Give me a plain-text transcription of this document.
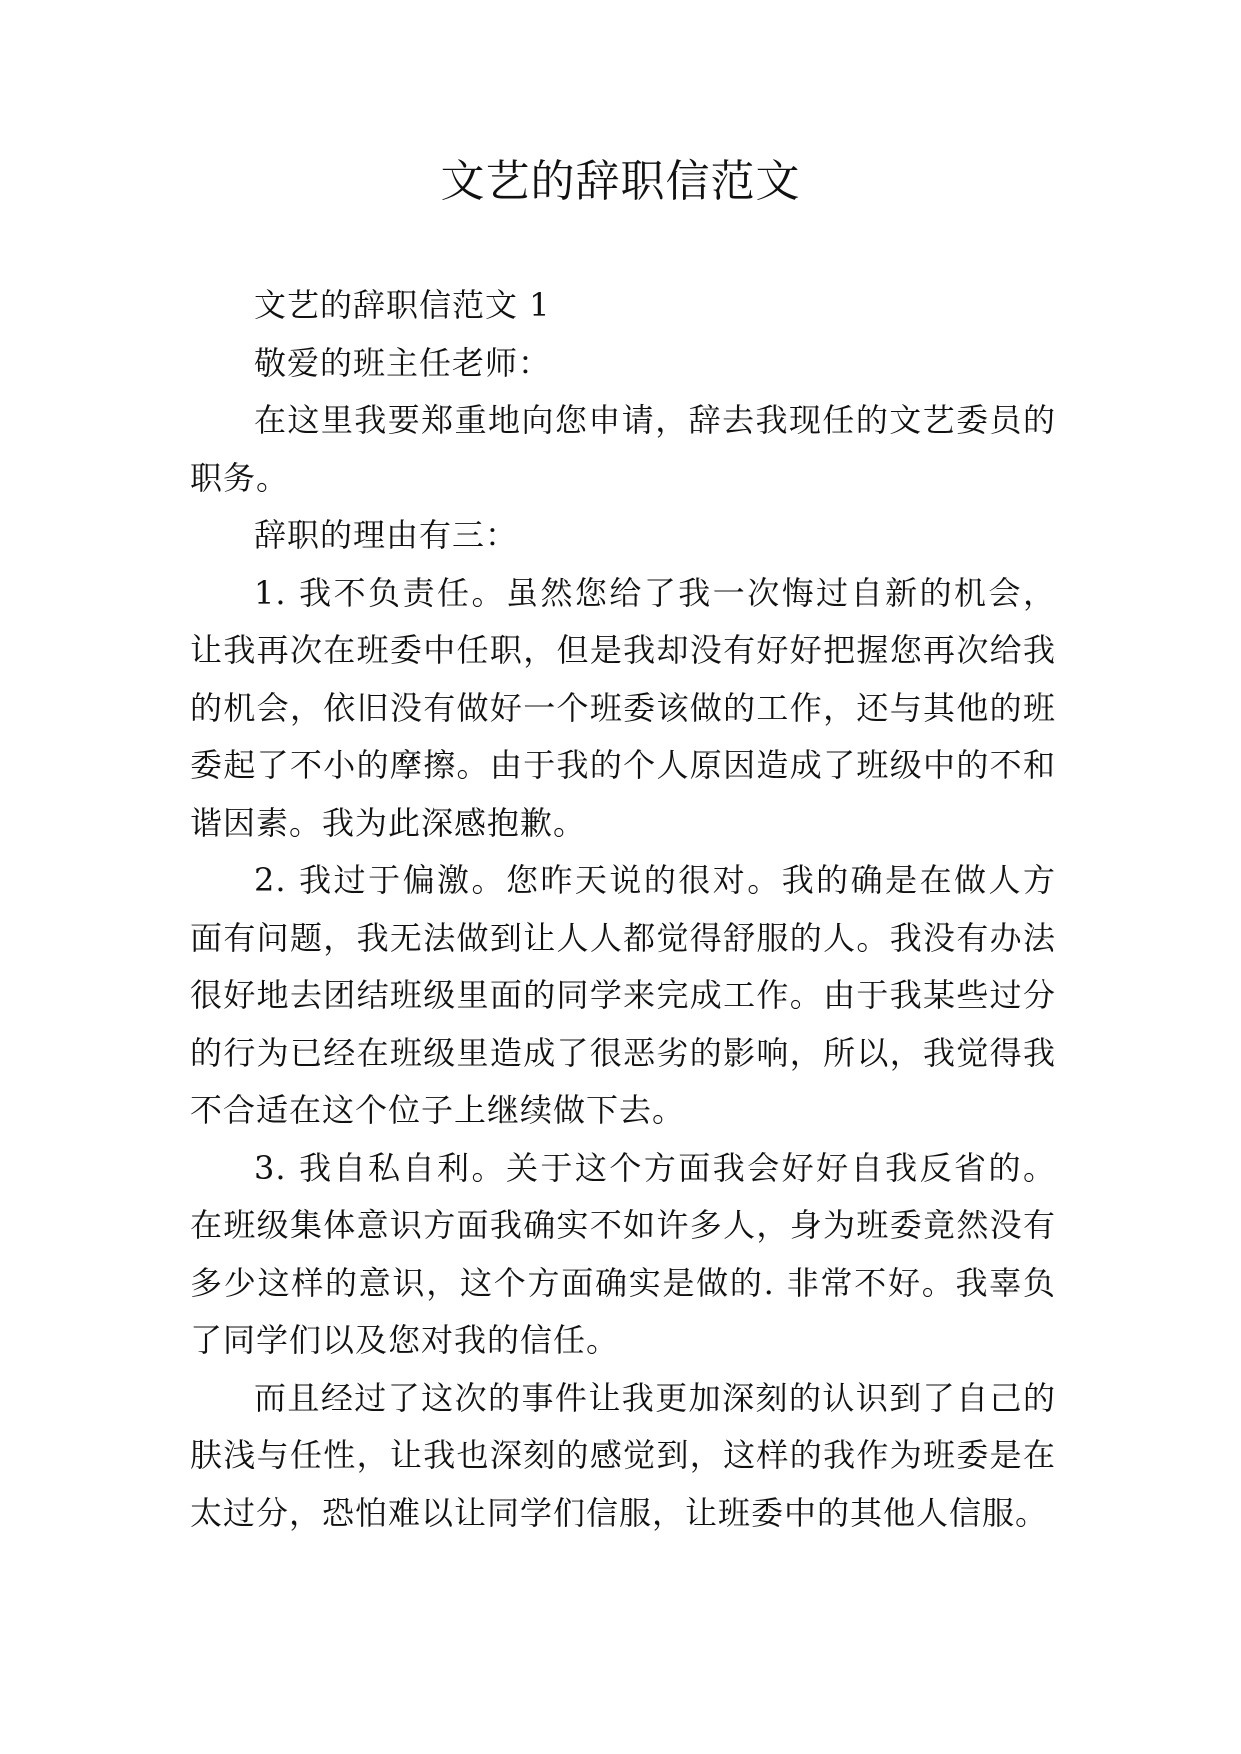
文艺的辞职信范文

文艺的辞职信范文 1

敬爱的班主任老师：

在这里我要郑重地向您申请，辞去我现任的文艺委员的职务。

辞职的理由有三：

1. 我不负责任。虽然您给了我一次悔过自新的机会，让我再次在班委中任职，但是我却没有好好把握您再次给我的机会，依旧没有做好一个班委该做的工作，还与其他的班委起了不小的摩擦。由于我的个人原因造成了班级中的不和谐因素。我为此深感抱歉。

2. 我过于偏激。您昨天说的很对。我的确是在做人方面有问题，我无法做到让人人都觉得舒服的人。我没有办法很好地去团结班级里面的同学来完成工作。由于我某些过分的行为已经在班级里造成了很恶劣的影响，所以，我觉得我不合适在这个位子上继续做下去。

3. 我自私自利。关于这个方面我会好好自我反省的。在班级集体意识方面我确实不如许多人，身为班委竟然没有多少这样的意识，这个方面确实是做的. 非常不好。我辜负了同学们以及您对我的信任。

而且经过了这次的事件让我更加深刻的认识到了自己的肤浅与任性，让我也深刻的感觉到，这样的我作为班委是在太过分，恐怕难以让同学们信服，让班委中的其他人信服。
